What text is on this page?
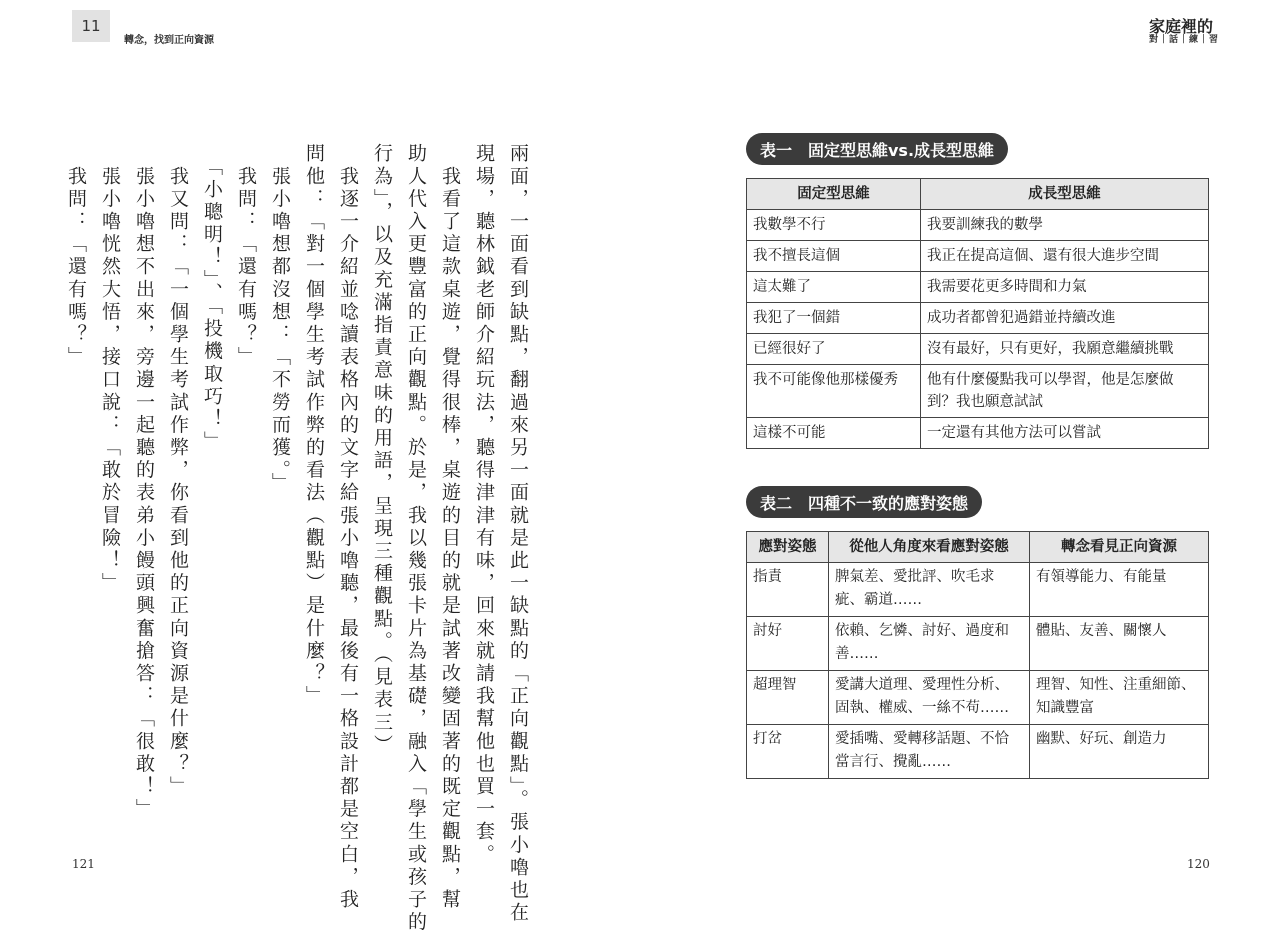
11
轉念，找到正向資源
家庭裡的
對｜話｜練｜習
兩面，一面看到缺點，翻過來另一面就是此一缺點的「正向觀點」。張小嚕也在
現場，聽林鉞老師介紹玩法，聽得津津有味，回來就請我幫他也買一套。
　我看了這款桌遊，覺得很棒，桌遊的目的就是試著改變固著的既定觀點，幫
助人代入更豐富的正向觀點。於是，我以幾張卡片為基礎，融入「學生或孩子的
行為」，以及充滿指責意味的用語，呈現三種觀點。（見表三）
　我逐一介紹並唸讀表格內的文字給張小嚕聽，最後有一格設計都是空白，我
問他：「對一個學生考試作弊的看法（觀點）是什麼？」
　張小嚕想都沒想：「不勞而獲。」
　我問：「還有嗎？」
　「小聰明！」、「投機取巧！」
　我又問：「一個學生考試作弊，你看到他的正向資源是什麼？」
　張小嚕想不出來，旁邊一起聽的表弟小饅頭興奮搶答：「很敢！」
　張小嚕恍然大悟，接口說：「敢於冒險！」
　我問：「還有嗎？」	表一　固定型思維vs.成長型思維
固定型思維	成長型思維
我數學不行	我要訓練我的數學
我不擅長這個	我正在提高這個、還有很大進步空間
這太難了	我需要花更多時間和力氣
我犯了一個錯	成功者都曾犯過錯並持續改進
已經很好了	沒有最好，只有更好，我願意繼續挑戰
我不可能像他那樣優秀	他有什麼優點我可以學習，他是怎麼做到？我也願意試試
這樣不可能	一定還有其他方法可以嘗試
表二　四種不一致的應對姿態
應對姿態	從他人角度來看應對姿態	轉念看見正向資源
指責	脾氣差、愛批評、吹毛求疵、霸道……	有領導能力、有能量
討好	依賴、乞憐、討好、過度和善……	體貼、友善、關懷人
超理智	愛講大道理、愛理性分析、固執、權威、一絲不苟……	理智、知性、注重細節、知識豐富
打岔	愛插嘴、愛轉移話題、不恰當言行、攪亂……	幽默、好玩、創造力
121	120
